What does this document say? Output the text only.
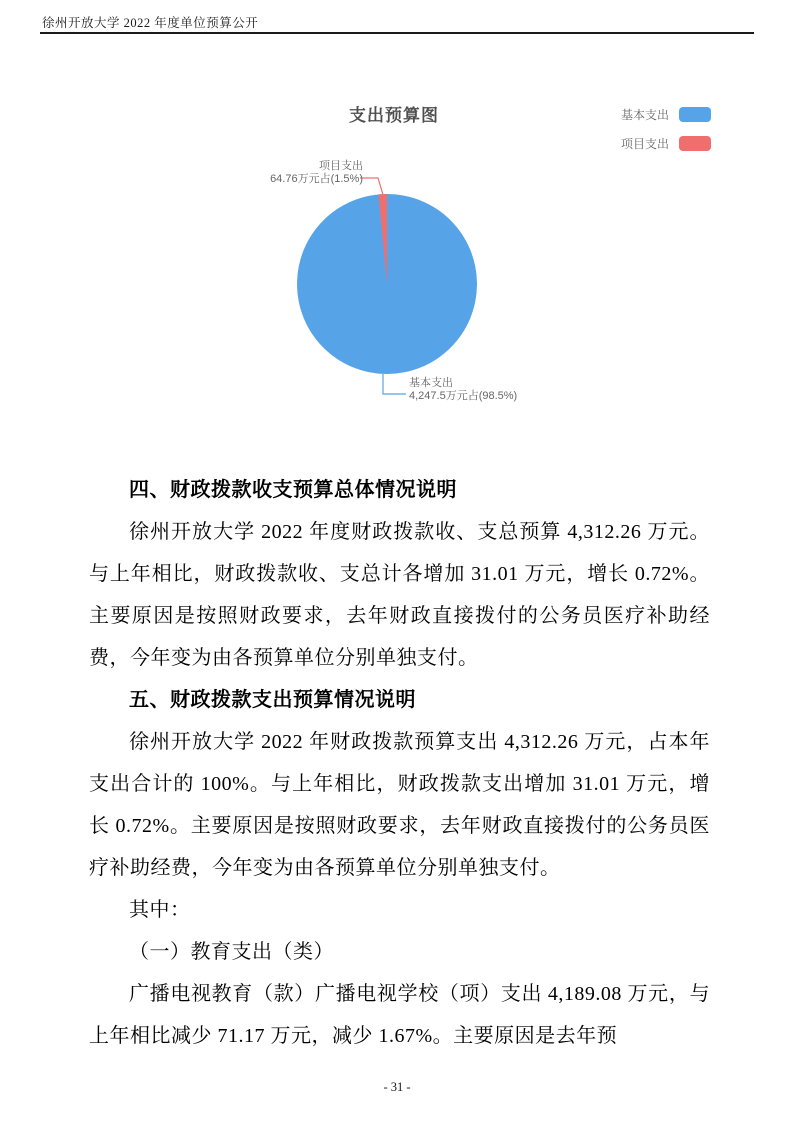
徐州开放大学 2022 年度单位预算公开
支出预算图	基本支出
项目支出
项目支出
64.76万元占(1.5%)
基本支出
4,247.5万元占(98.5%)
四、财政拨款收支预算总体情况说明

徐州开放大学 2022 年度财政拨款收、支总预算 4,312.26 万元。与上年相比，财政拨款收、支总计各增加 31.01 万元，增长 0.72%。主要原因是按照财政要求，去年财政直接拨付的公务员医疗补助经费，今年变为由各预算单位分别单独支付。

五、财政拨款支出预算情况说明

徐州开放大学 2022 年财政拨款预算支出 4,312.26 万元，占本年支出合计的 100%。与上年相比，财政拨款支出增加 31.01 万元，增长 0.72%。主要原因是按照财政要求，去年财政直接拨付的公务员医疗补助经费，今年变为由各预算单位分别单独支付。

其中：

（一）教育支出（类）

广播电视教育（款）广播电视学校（项）支出 4,189.08 万元，与上年相比减少 71.17 万元，减少 1.67%。主要原因是去年预

- 31 -
